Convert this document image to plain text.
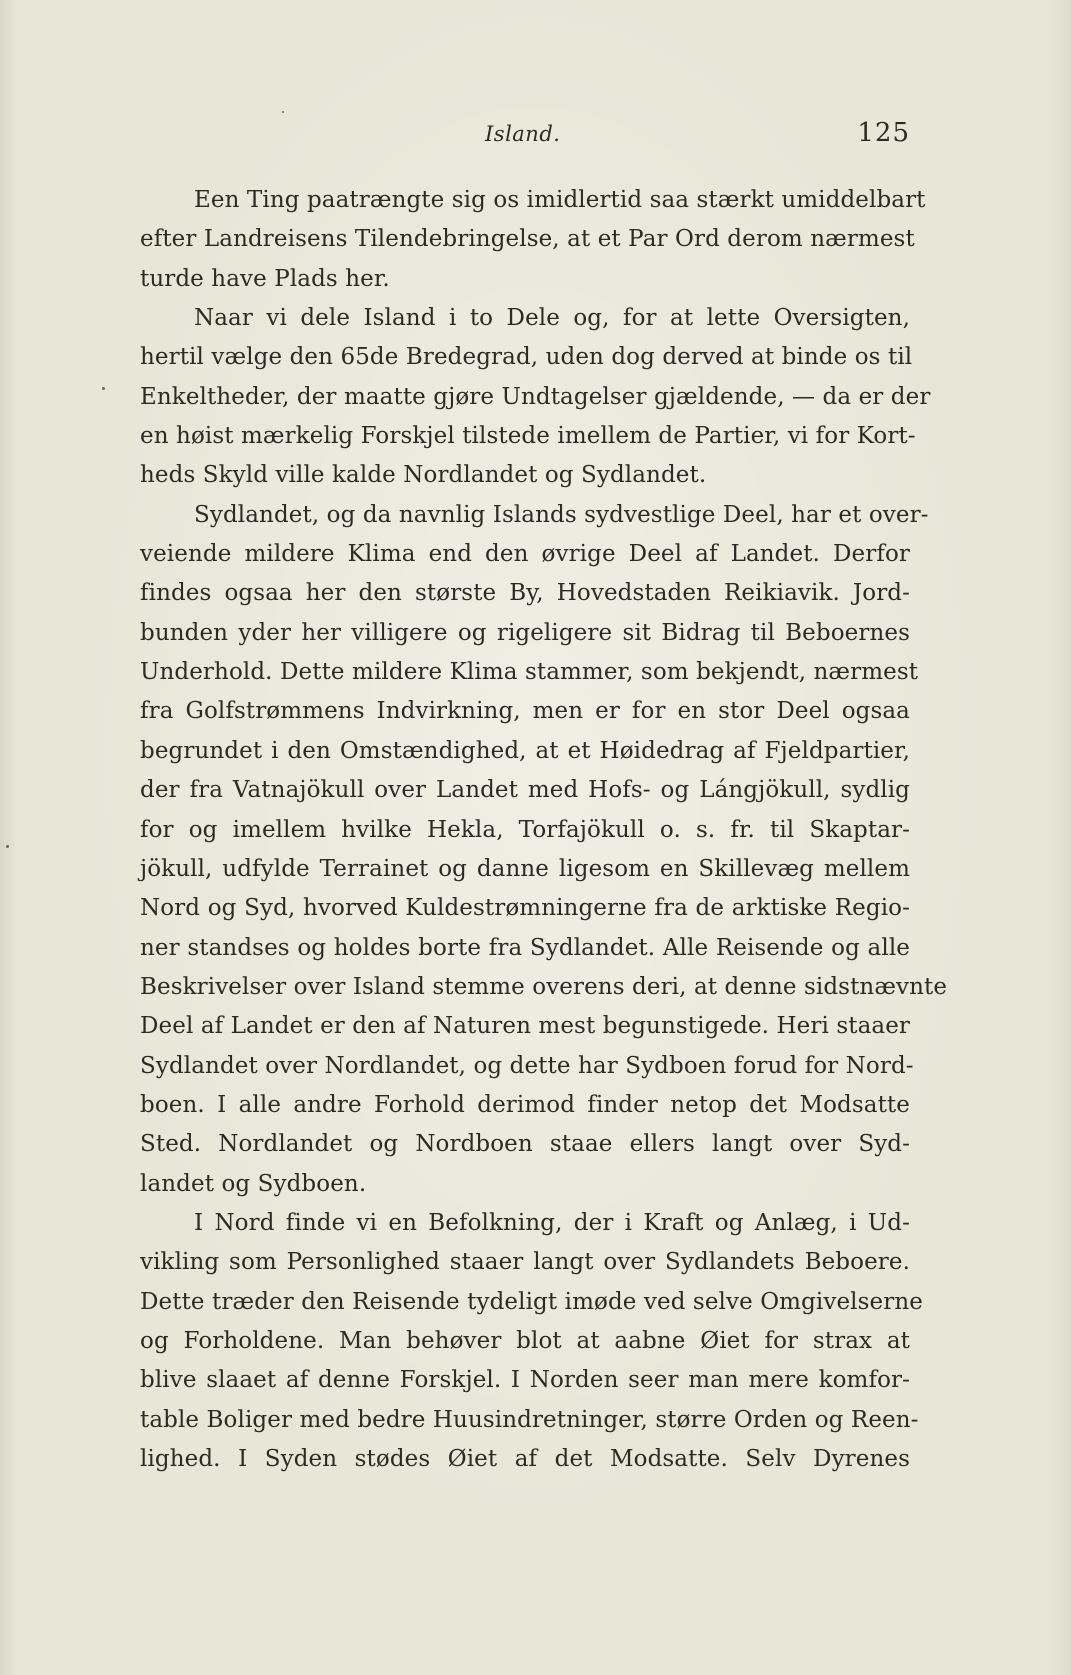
Island.	125
Een Ting paatrængte sig os imidlertid saa stærkt umiddelbart
efter Landreisens Tilendebringelse, at et Par Ord derom nærmest
turde have Plads her.
Naar vi dele Island i to Dele og, for at lette Oversigten,
hertil vælge den 65de Bredegrad, uden dog derved at binde os til
Enkeltheder, der maatte gjøre Undtagelser gjældende, — da er der
en høist mærkelig Forskjel tilstede imellem de Partier, vi for Kort-
heds Skyld ville kalde Nordlandet og Sydlandet.
Sydlandet, og da navnlig Islands sydvestlige Deel, har et over-
veiende mildere Klima end den øvrige Deel af Landet. Derfor
findes ogsaa her den største By, Hovedstaden Reikiavik. Jord-
bunden yder her villigere og rigeligere sit Bidrag til Beboernes
Underhold. Dette mildere Klima stammer, som bekjendt, nærmest
fra Golfstrømmens Indvirkning, men er for en stor Deel ogsaa
begrundet i den Omstændighed, at et Høidedrag af Fjeldpartier,
der fra Vatnajökull over Landet med Hofs- og Lángjökull, sydlig
for og imellem hvilke Hekla, Torfajökull o. s. fr. til Skaptar-
jökull, udfylde Terrainet og danne ligesom en Skillevæg mellem
Nord og Syd, hvorved Kuldestrømningerne fra de arktiske Regio-
ner standses og holdes borte fra Sydlandet. Alle Reisende og alle
Beskrivelser over Island stemme overens deri, at denne sidstnævnte
Deel af Landet er den af Naturen mest begunstigede. Heri staaer
Sydlandet over Nordlandet, og dette har Sydboen forud for Nord-
boen. I alle andre Forhold derimod finder netop det Modsatte
Sted. Nordlandet og Nordboen staae ellers langt over Syd-
landet og Sydboen.
I Nord finde vi en Befolkning, der i Kraft og Anlæg, i Ud-
vikling som Personlighed staaer langt over Sydlandets Beboere.
Dette træder den Reisende tydeligt imøde ved selve Omgivelserne
og Forholdene. Man behøver blot at aabne Øiet for strax at
blive slaaet af denne Forskjel. I Norden seer man mere komfor-
table Boliger med bedre Huusindretninger, større Orden og Reen-
lighed. I Syden stødes Øiet af det Modsatte. Selv Dyrenes
